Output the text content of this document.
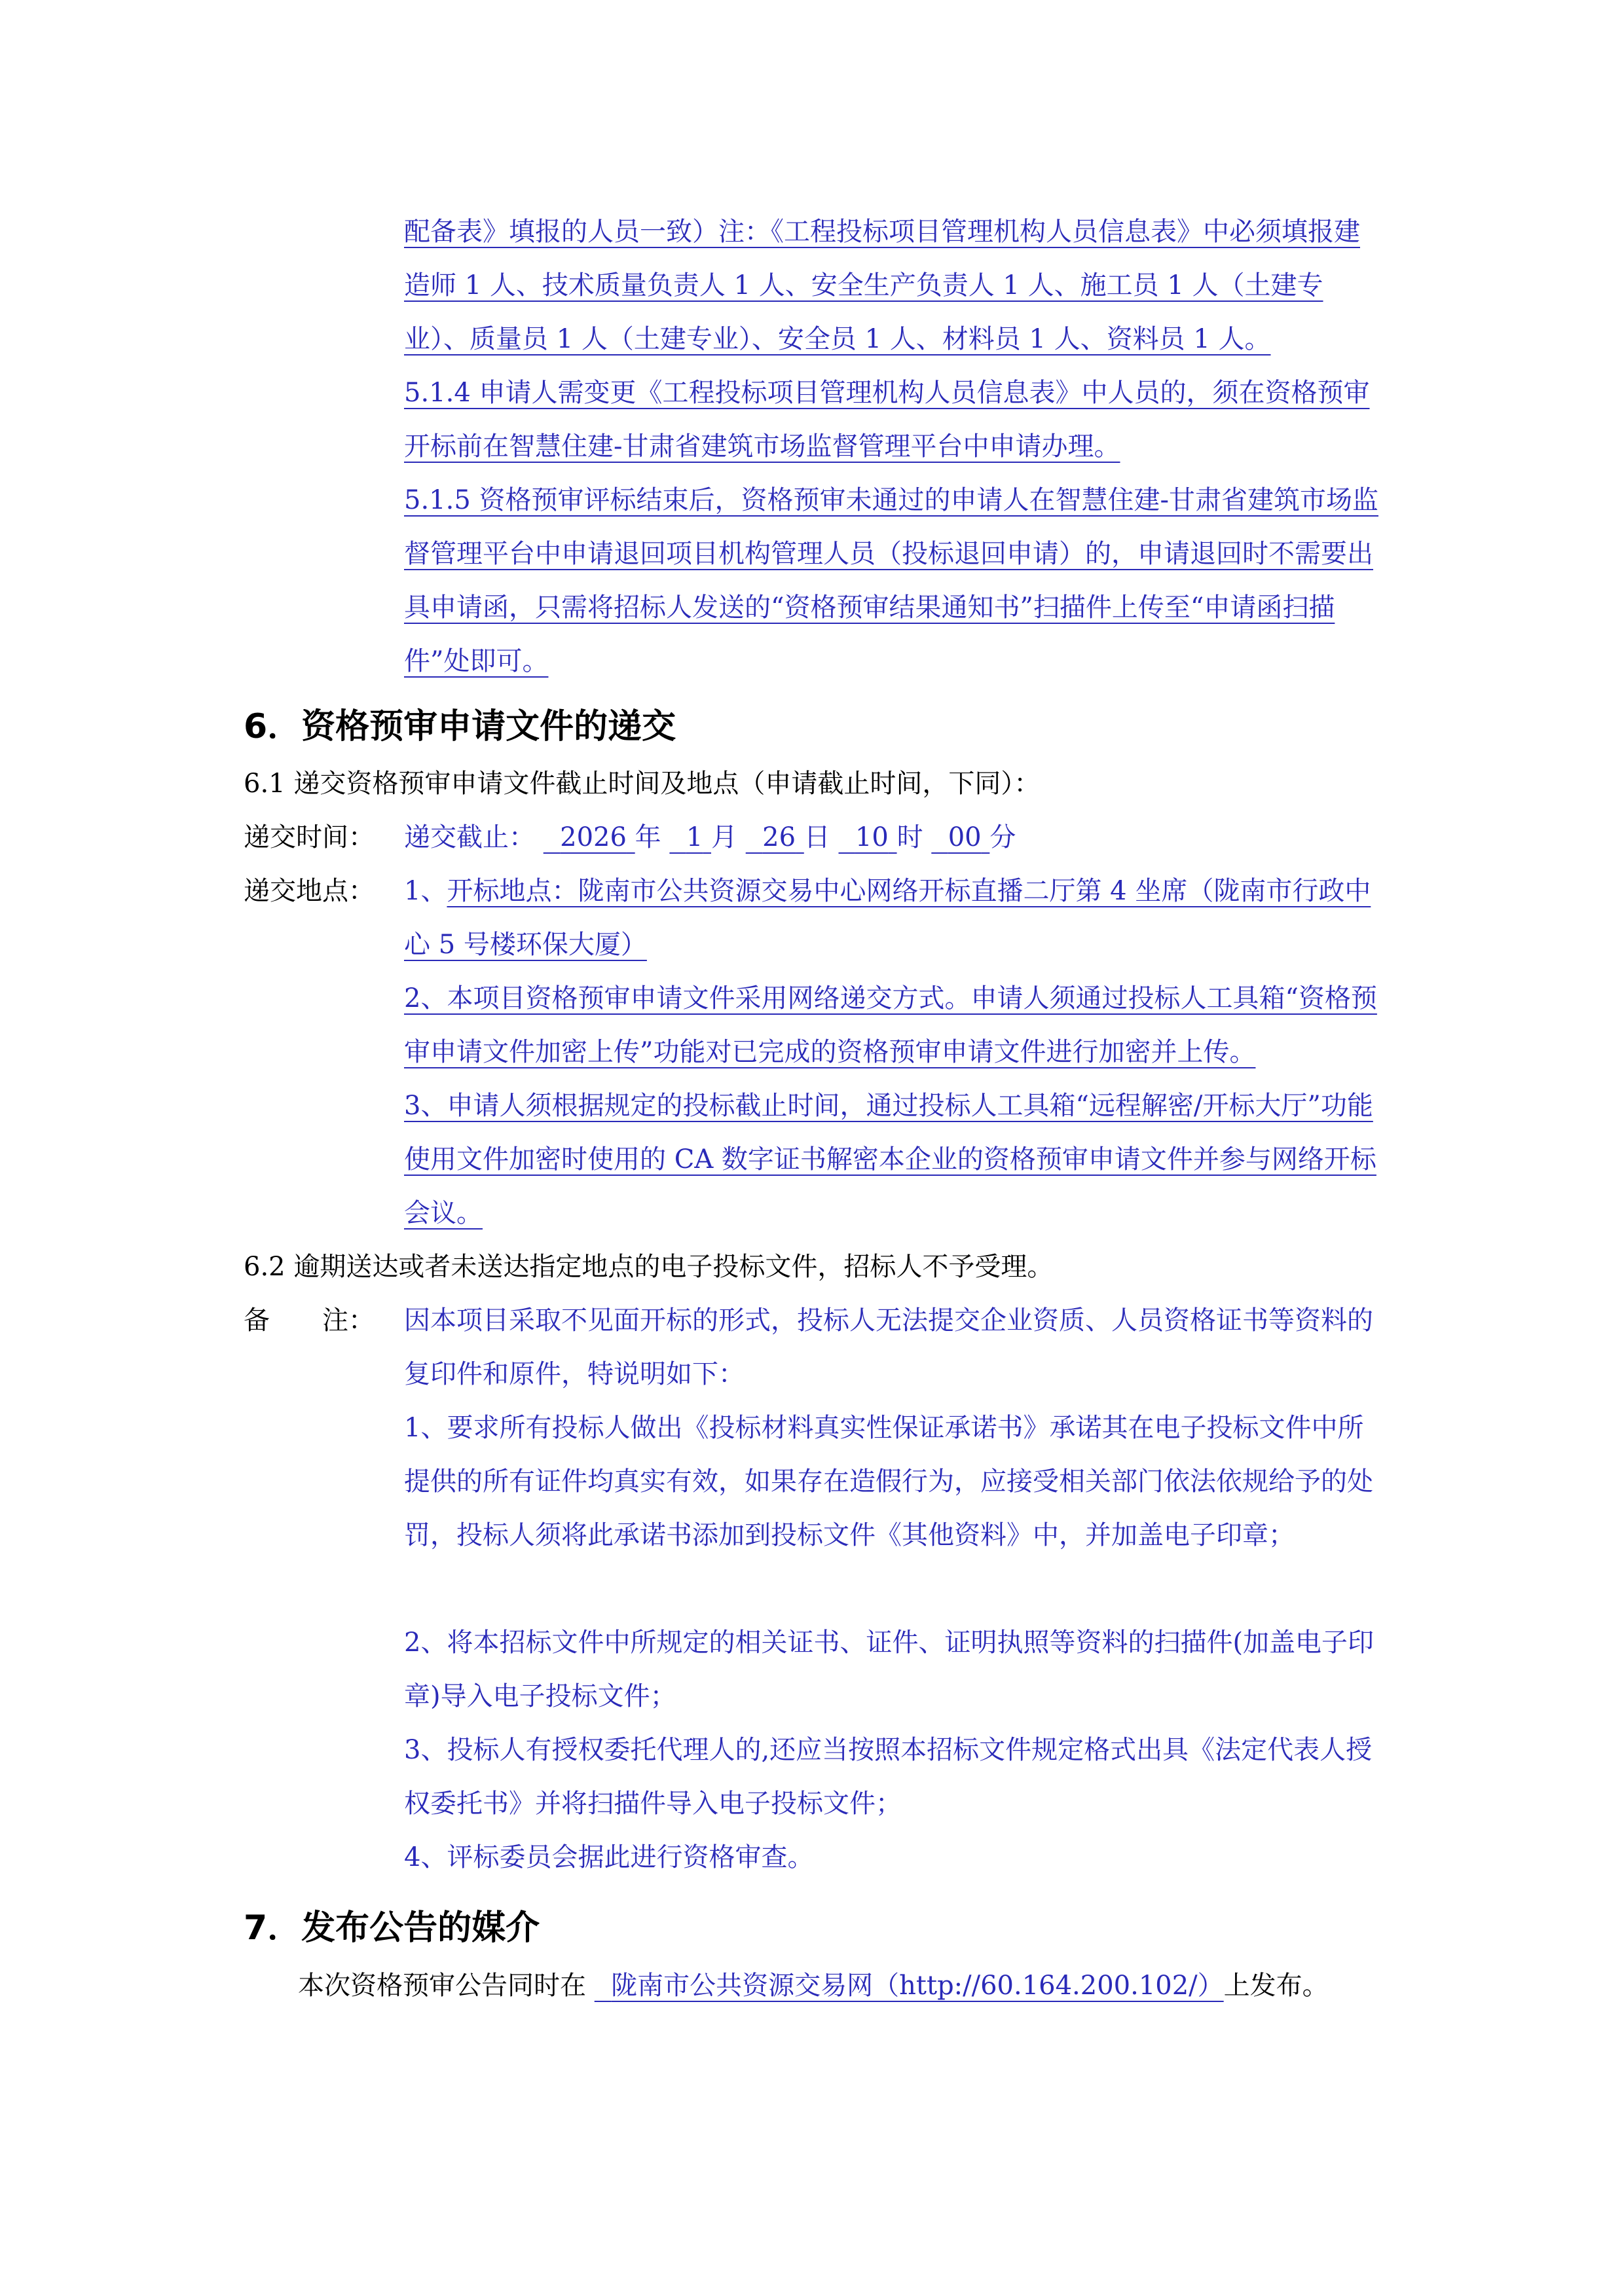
配备表》填报的人员一致）注：《工程投标项目管理机构人员信息表》中必须填报建造师 1 人、技术质量负责人 1 人、安全生产负责人 1 人、施工员 1 人（土建专业）、质量员 1 人（土建专业）、安全员 1 人、材料员 1 人、资料员 1 人。

5.1.4 申请人需变更《工程投标项目管理机构人员信息表》中人员的，须在资格预审开标前在智慧住建-甘肃省建筑市场监督管理平台中申请办理。

5.1.5 资格预审评标结束后，资格预审未通过的申请人在智慧住建-甘肃省建筑市场监督管理平台中申请退回项目机构管理人员（投标退回申请）的，申请退回时不需要出具申请函，只需将招标人发送的“资格预审结果通知书”扫描件上传至“申请函扫描件”处即可。

6．资格预审申请文件的递交

6.1 递交资格预审申请文件截止时间及地点（申请截止时间，下同）：

递交时间： 递交截止： 2026 年 1 月 26 日 10 时 00 分

递交地点： 1、开标地点：陇南市公共资源交易中心网络开标直播二厅第 4 坐席（陇南市行政中心 5 号楼环保大厦）

2、本项目资格预审申请文件采用网络递交方式。申请人须通过投标人工具箱“资格预审申请文件加密上传”功能对已完成的资格预审申请文件进行加密并上传。

3、申请人须根据规定的投标截止时间，通过投标人工具箱“远程解密/开标大厅”功能使用文件加密时使用的 CA 数字证书解密本企业的资格预审申请文件并参与网络开标会议。

6.2 逾期送达或者未送达指定地点的电子投标文件，招标人不予受理。

备　　注： 因本项目采取不见面开标的形式，投标人无法提交企业资质、人员资格证书等资料的复印件和原件，特说明如下：

1、要求所有投标人做出《投标材料真实性保证承诺书》承诺其在电子投标文件中所提供的所有证件均真实有效，如果存在造假行为，应接受相关部门依法依规给予的处罚，投标人须将此承诺书添加到投标文件《其他资料》中，并加盖电子印章；

2、将本招标文件中所规定的相关证书、证件、证明执照等资料的扫描件(加盖电子印章)导入电子投标文件；

3、投标人有授权委托代理人的,还应当按照本招标文件规定格式出具《法定代表人授权委托书》并将扫描件导入电子投标文件；

4、评标委员会据此进行资格审查。

7．发布公告的媒介

本次资格预审公告同时在 陇南市公共资源交易网（http://60.164.200.102/）上发布。
